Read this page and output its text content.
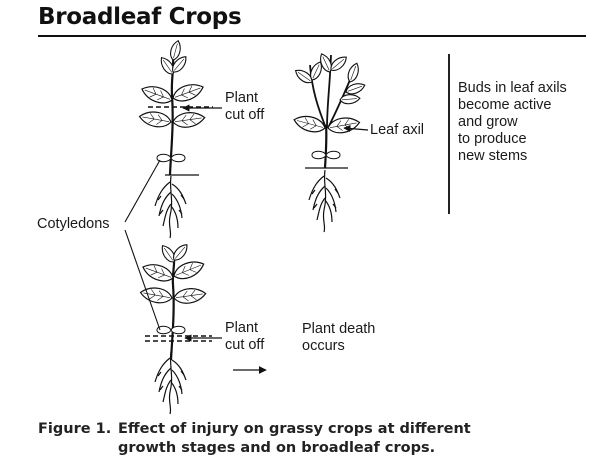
Broadleaf Crops
Plant
cut off
Leaf axil
Buds in leaf axils
become active
and grow
to produce
new stems
Cotyledons
Plant
cut off
Plant death
occurs
Figure 1. Effect of injury on grassy crops at different growth stages and on broadleaf crops.
